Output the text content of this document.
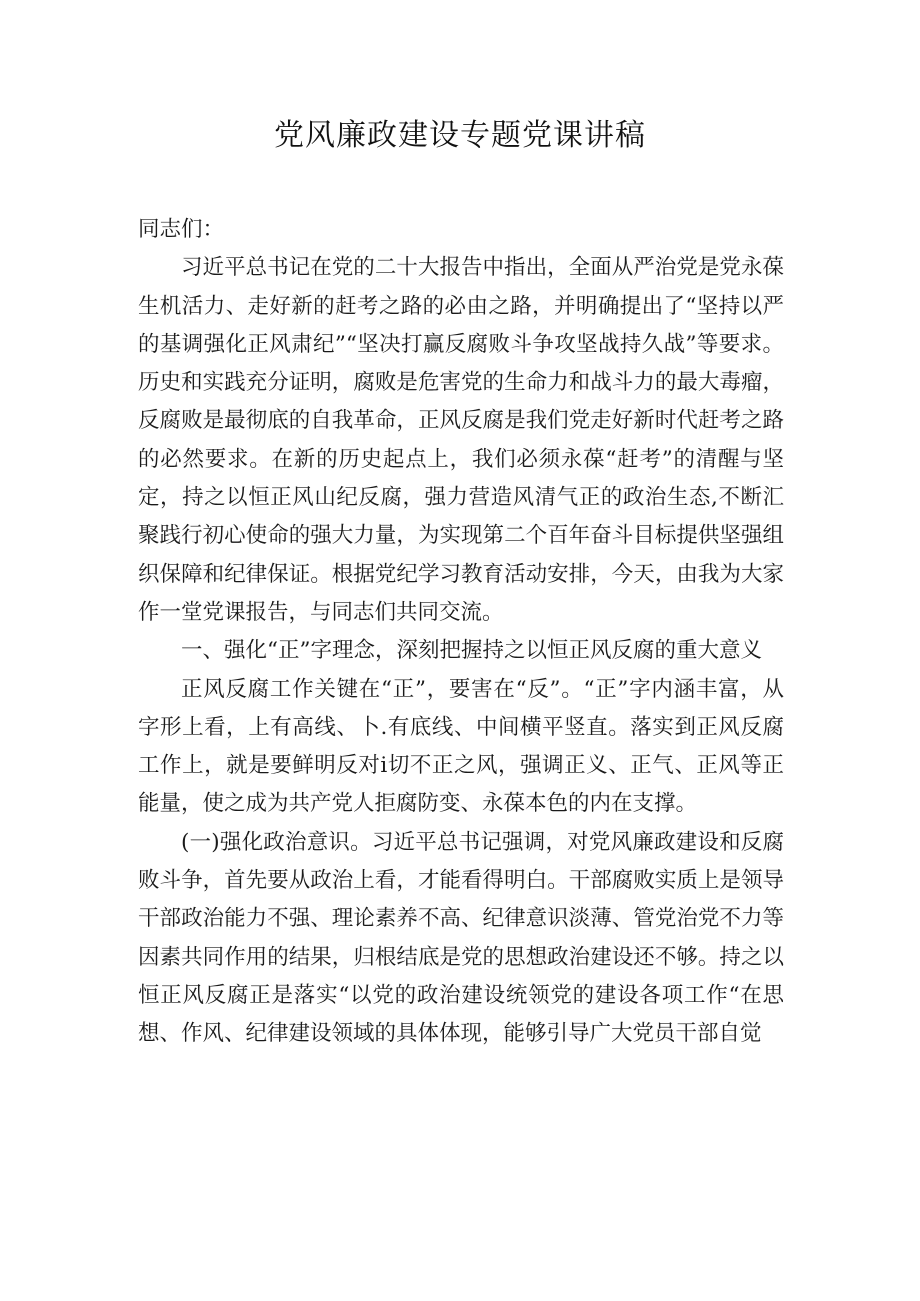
党风廉政建设专题党课讲稿

同志们：

习近平总书记在党的二十大报告中指出，全面从严治党是党永葆生机活力、走好新的赶考之路的必由之路，并明确提出了“坚持以严的基调强化正风肃纪”“坚决打赢反腐败斗争攻坚战持久战”等要求。历史和实践充分证明，腐败是危害党的生命力和战斗力的最大毒瘤，反腐败是最彻底的自我革命，正风反腐是我们党走好新时代赶考之路的必然要求。在新的历史起点上，我们必须永葆“赶考”的清醒与坚定，持之以恒正风山纪反腐，强力营造风清气正的政治生态,不断汇聚践行初心使命的强大力量，为实现第二个百年奋斗目标提供坚强组织保障和纪律保证。根据党纪学习教育活动安排，今天，由我为大家作一堂党课报告，与同志们共同交流。

一、强化“正”字理念，深刻把握持之以恒正风反腐的重大意义

正风反腐工作关键在“正”，要害在“反”。“正”字内涵丰富，从字形上看，上有高线、卜.有底线、中间横平竖直。落实到正风反腐工作上，就是要鲜明反对i切不正之风，强调正义、正气、正风等正能量，使之成为共产党人拒腐防变、永葆本色的内在支撑。

(一)强化政治意识。习近平总书记强调，对党风廉政建设和反腐败斗争，首先要从政治上看，才能看得明白。干部腐败实质上是领导干部政治能力不强、理论素养不高、纪律意识淡薄、管党治党不力等因素共同作用的结果，归根结底是党的思想政治建设还不够。持之以恒正风反腐正是落实“以党的政治建设统领党的建设各项工作“在思想、作风、纪律建设领域的具体体现，能够引导广大党员干部自觉
